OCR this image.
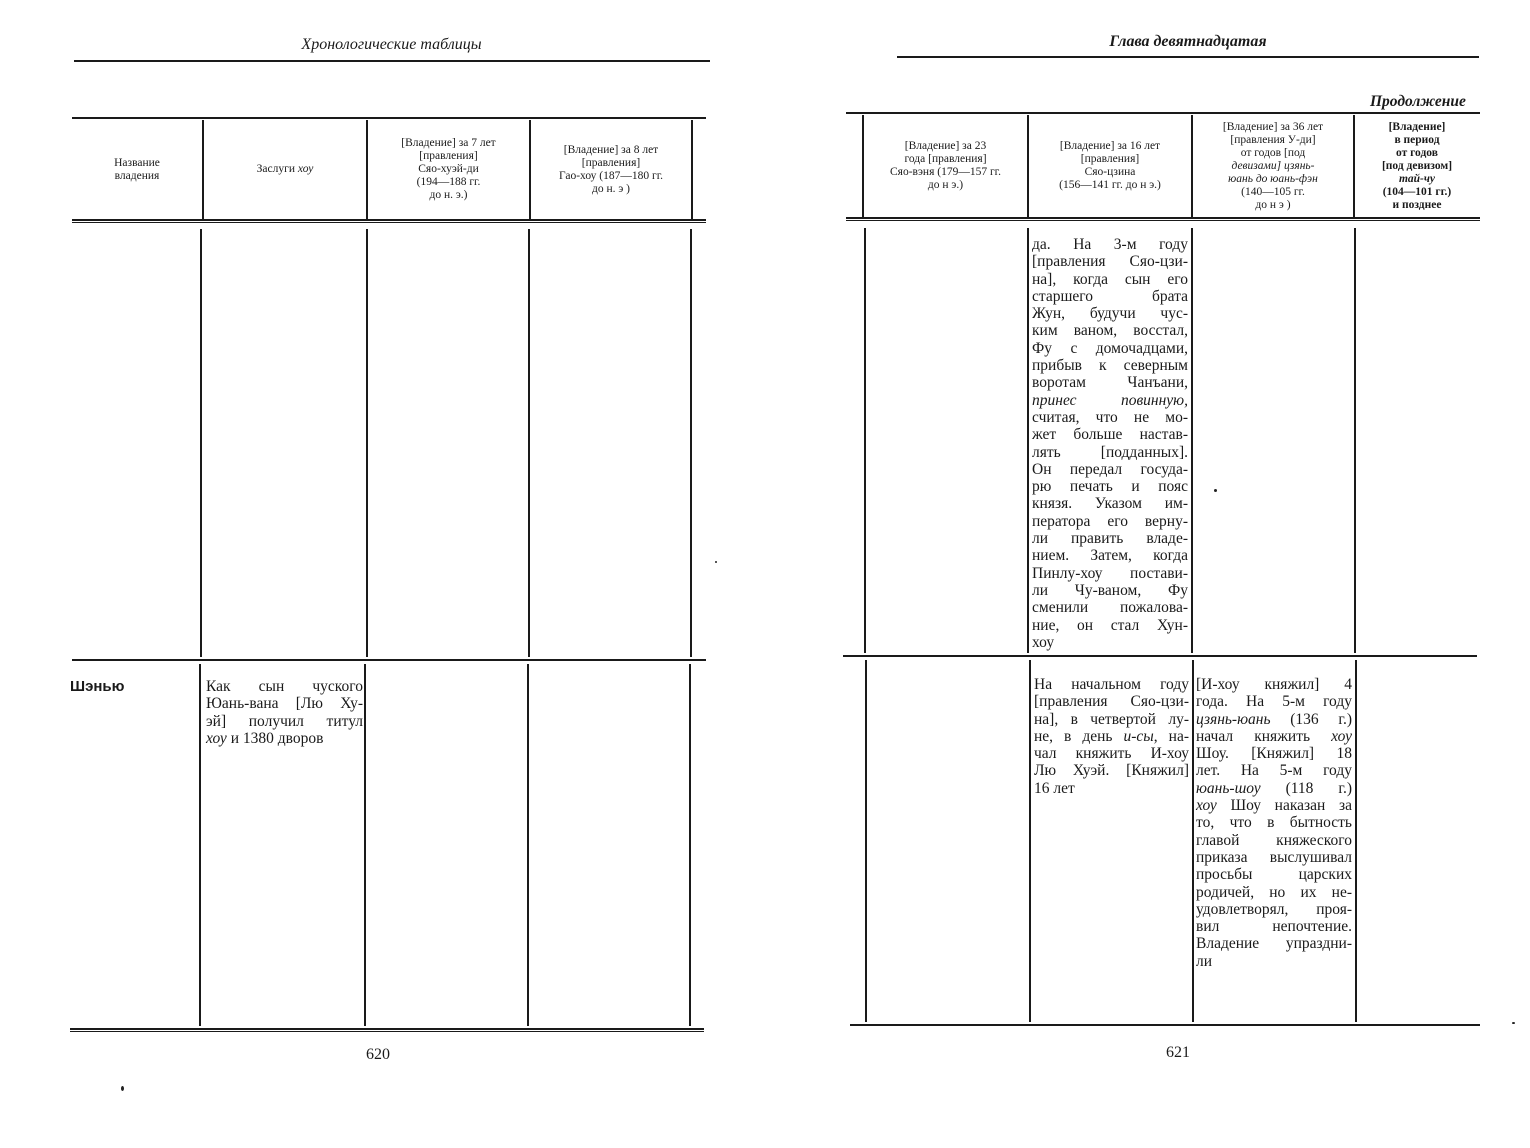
Хронологические таблицы
Название
владения
Заслуги хоу
[Владение] за 7 лет
[правления]
Сяо-хуэй-ди
(194—188 гг.
до н. э.)
[Владение] за 8 лет
[правления]
Гао-хоу (187—180 гг.
до н. э )
Шэнью	Как сын чуского
Юань-вана [Лю Ху-
эй] получил титул
хоу и 1380 дворов
620
Глава девятнадцатая
Продолжение
[Владение] за 23
года [правления]
Сяо-вэня (179—157 гг.
до н э.)
[Владение] за 16 лет
[правления]
Сяо-цзина
(156—141 гг. до н э.)
[Владение] за 36 лет
[правления У-ди]
от годов [под
девизами] цзянь-
юань до юань-фэн
(140—105 гг.
до н э )
[Владение]
в период
от годов
[под девизом]
тай-чу
(104—101 гг.)
и позднее
да. На 3-м году
[правления Сяо-цзи-
на], когда сын его
старшего брата
Жун, будучи чус-
ким ваном, восстал,
Фу с домочадцами,
прибыв к северным
воротам Чанъани,
принес повинную,
считая, что не мо-
жет больше настав-
лять [подданных].
Он передал госуда-
рю печать и пояс
князя. Указом им-
ператора его верну-
ли править владе-
нием. Затем, когда
Пинлу-хоу постави-
ли Чу-ваном, Фу
сменили пожалова-
ние, он стал Хун-
хоу
На начальном году
[правления Сяо-цзи-
на], в четвертой лу-
не, в день и-сы, на-
чал княжить И-хоу
Лю Хуэй. [Княжил]
16 лет
[И-хоу княжил] 4
года. На 5-м году
цзянь-юань (136 г.)
начал княжить хоу
Шоу. [Княжил] 18
лет. На 5-м году
юань-шоу (118 г.)
хоу Шоу наказан за
то, что в бытность
главой княжеского
приказа выслушивал
просьбы царских
родичей, но их не-
удовлетворял, проя-
вил непочтение.
Владение упраздни-
ли
621
